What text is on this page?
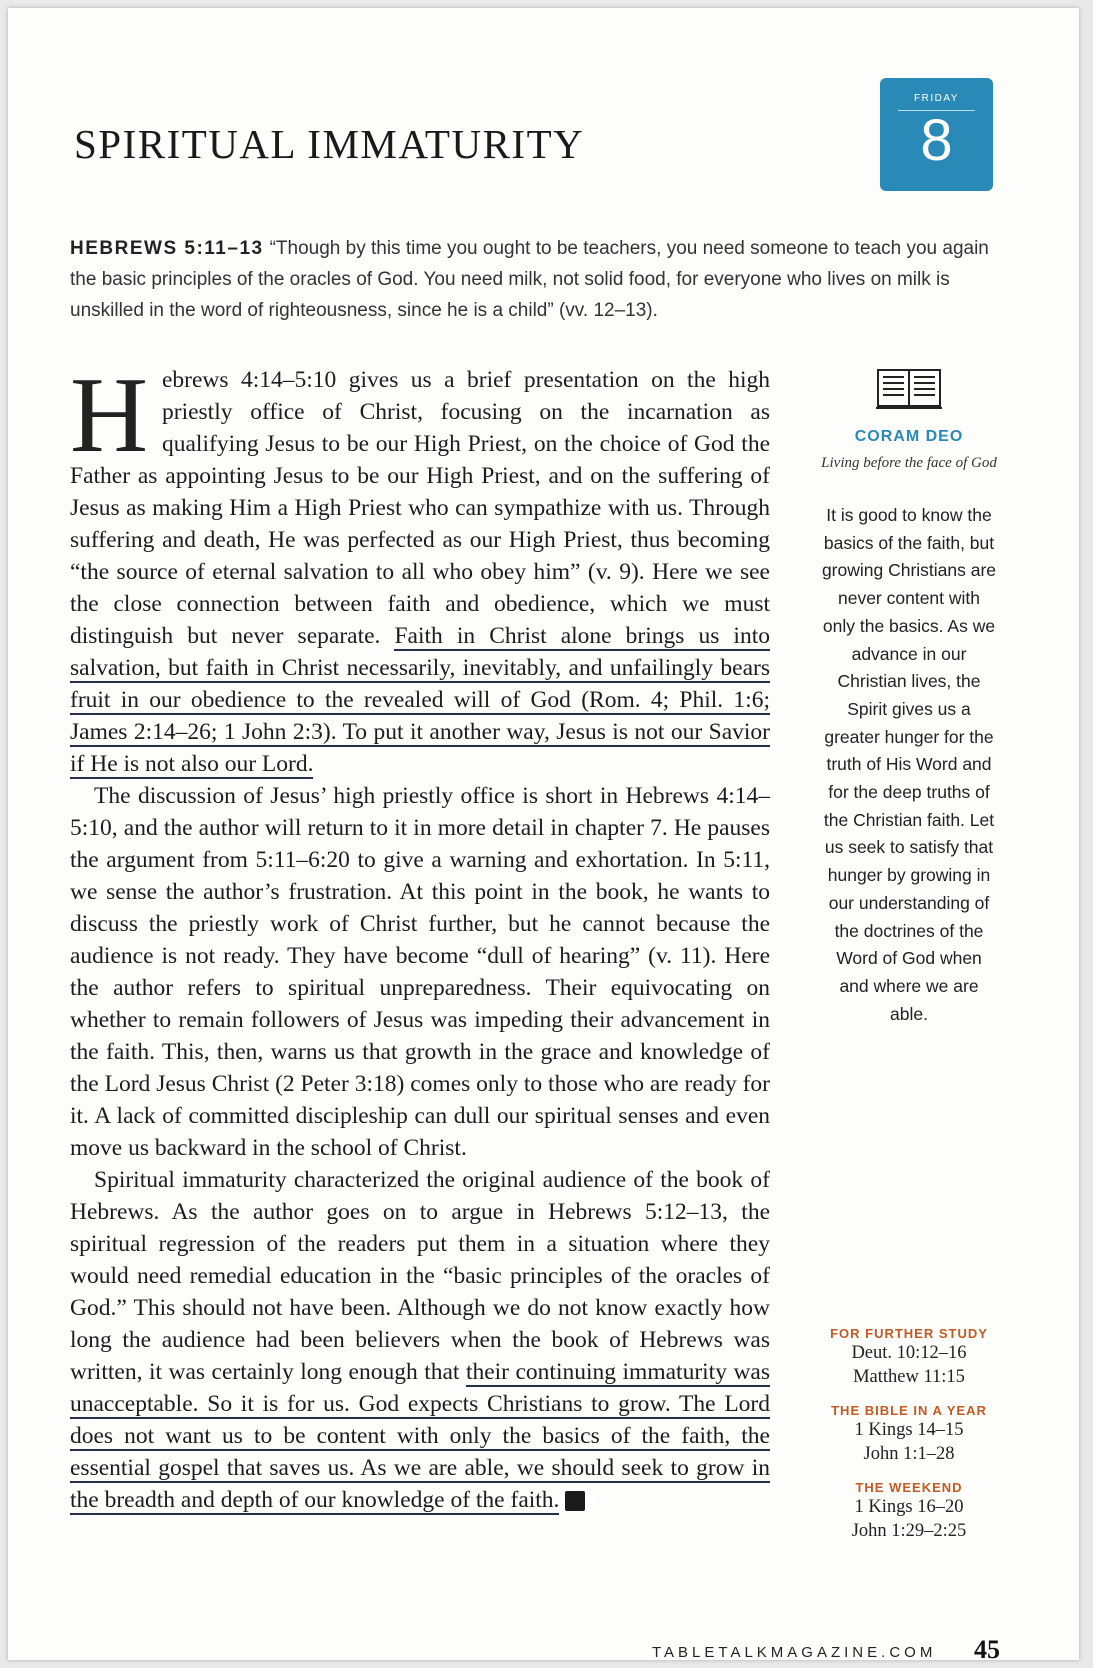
SPIRITUAL IMMATURITY
FRIDAY
8
HEBREWS 5:11–13 “Though by this time you ought to be teachers, you need someone to teach you again the basic principles of the oracles of God. You need milk, not solid food, for everyone who lives on milk is unskilled in the word of righteousness, since he is a child” (vv. 12–13).

Hebrews 4:14–5:10 gives us a brief presentation on the high priestly office of Christ, focusing on the incarnation as qualifying Jesus to be our High Priest, on the choice of God the Father as appointing Jesus to be our High Priest, and on the suffering of Jesus as making Him a High Priest who can sympathize with us. Through suffering and death, He was perfected as our High Priest, thus becoming “the source of eternal salvation to all who obey him” (v. 9). Here we see the close connection between faith and obedience, which we must distinguish but never separate. Faith in Christ alone brings us into salvation, but faith in Christ necessarily, inevitably, and unfailingly bears fruit in our obedience to the revealed will of God (Rom. 4; Phil. 1:6; James 2:14–26; 1 John 2:3). To put it another way, Jesus is not our Savior if He is not also our Lord.

The discussion of Jesus’ high priestly office is short in Hebrews 4:14–5:10, and the author will return to it in more detail in chapter 7. He pauses the argument from 5:11–6:20 to give a warning and exhortation. In 5:11, we sense the author’s frustration. At this point in the book, he wants to discuss the priestly work of Christ further, but he cannot because the audience is not ready. They have become “dull of hearing” (v. 11). Here the author refers to spiritual unpreparedness. Their equivocating on whether to remain followers of Jesus was impeding their advancement in the faith. This, then, warns us that growth in the grace and knowledge of the Lord Jesus Christ (2 Peter 3:18) comes only to those who are ready for it. A lack of committed discipleship can dull our spiritual senses and even move us backward in the school of Christ.

Spiritual immaturity characterized the original audience of the book of Hebrews. As the author goes on to argue in Hebrews 5:12–13, the spiritual regression of the readers put them in a situation where they would need remedial education in the “basic principles of the oracles of God.” This should not have been. Although we do not know exactly how long the audience had been believers when the book of Hebrews was written, it was certainly long enough that their continuing immaturity was unacceptable. So it is for us. God expects Christians to grow. The Lord does not want us to be content with only the basics of the faith, the essential gospel that saves us. As we are able, we should seek to grow in the breadth and depth of our knowledge of the faith. T

CORAM DEO
Living before the face of God
It is good to know the basics of the faith, but growing Christians are never content with only the basics. As we advance in our Christian lives, the Spirit gives us a greater hunger for the truth of His Word and for the deep truths of the Christian faith. Let us seek to satisfy that hunger by growing in our understanding of the doctrines of the Word of God when and where we are able.
FOR FURTHER STUDY
Deut. 10:12–16
Matthew 11:15
THE BIBLE IN A YEAR
1 Kings 14–15
John 1:1–28
THE WEEKEND
1 Kings 16–20
John 1:29–2:25
TABLETALKMAGAZINE.COM 45
